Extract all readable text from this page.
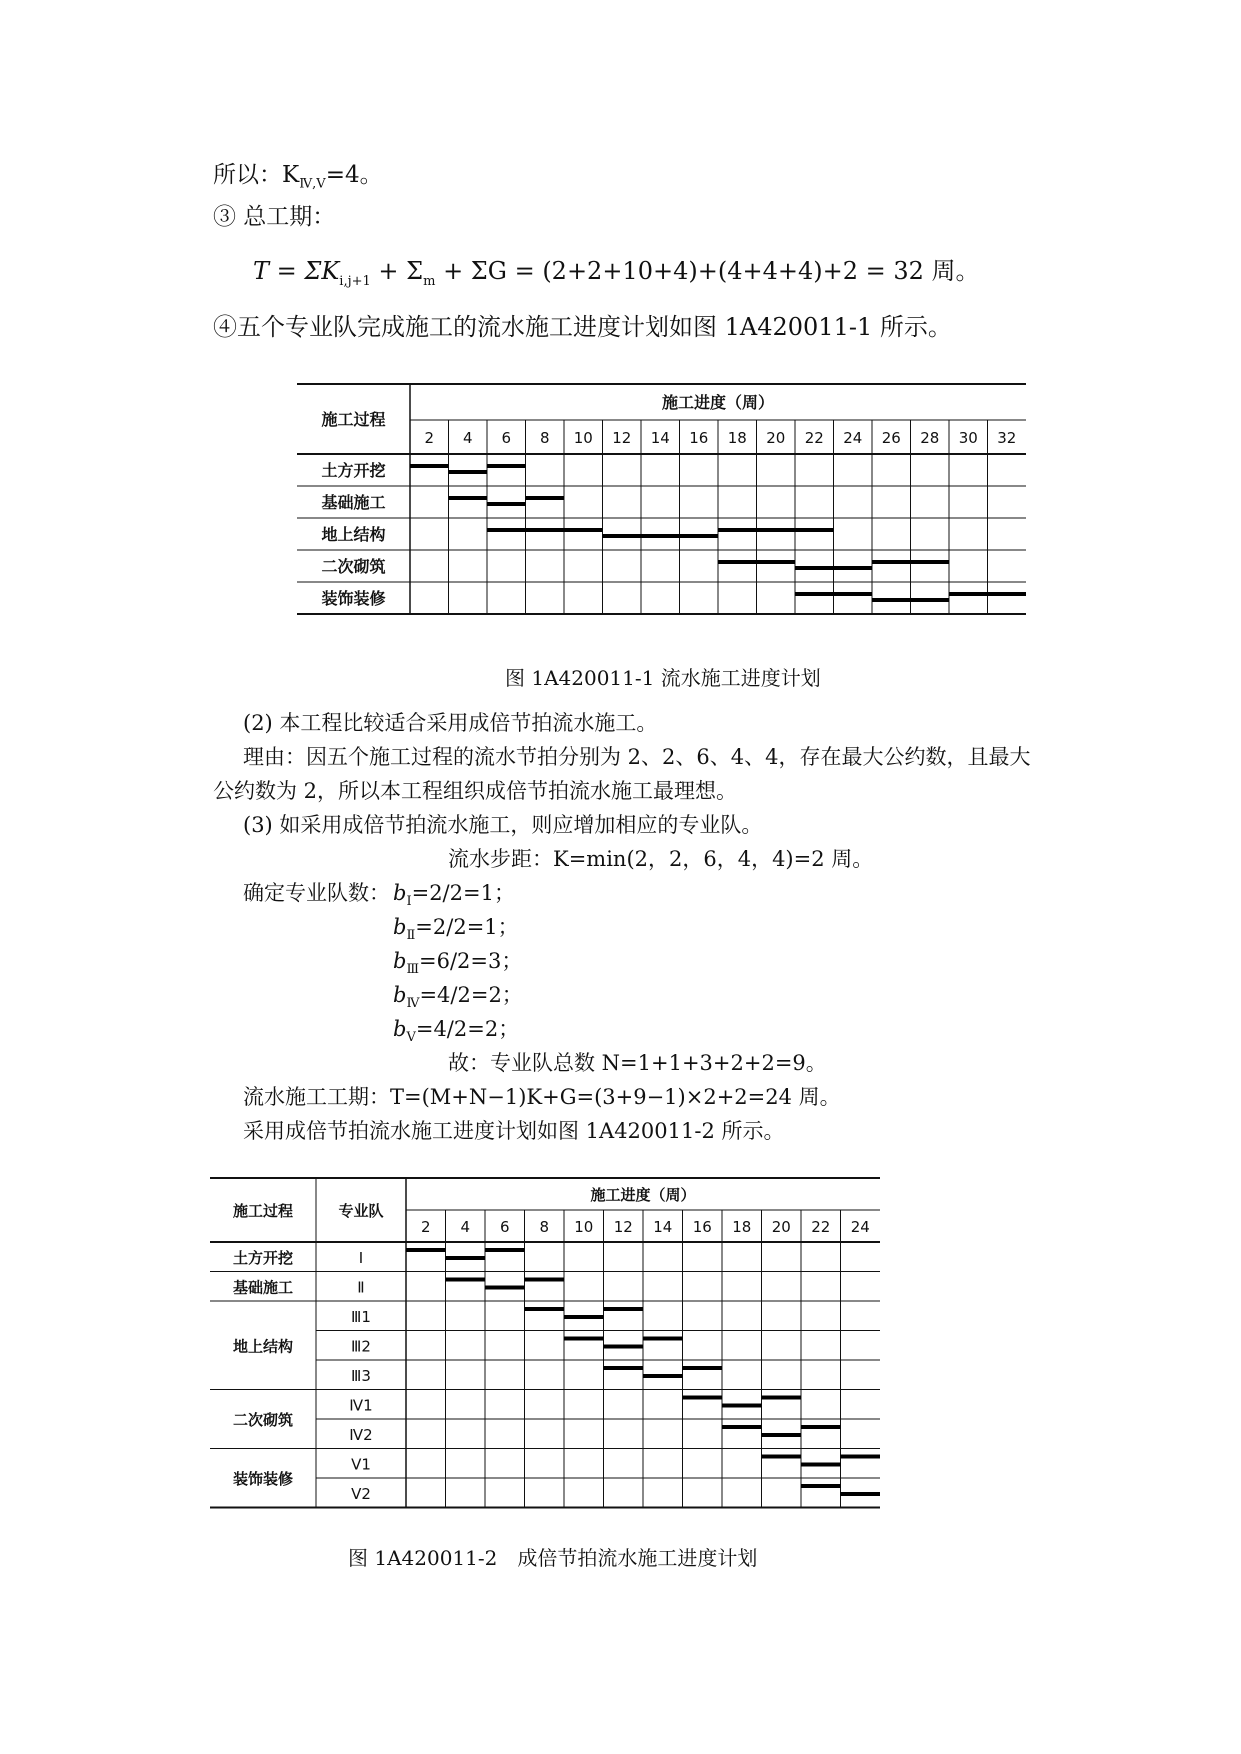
所以：$K_{Ⅳ,Ⅴ}=4$。
③ 总工期：
$T = \Sigma K_{i,j+1} + \Sigma_m + \Sigma G = (2+2+10+4)+(4+4+4)+2 = 32$ 周。
④五个专业队完成施工的流水施工进度计划如图 1A420011-1 所示。
施工过程
施工进度（周）
2 4 6 8 10 12 14 16 18 20 22 24 26 28 30 32
土方开挖
基础施工
地上结构
二次砌筑
装饰装修
图 1A420011-1 流水施工进度计划
(2) 本工程比较适合采用成倍节拍流水施工。
理由：因五个施工过程的流水节拍分别为 2、2、6、4、4，存在最大公约数，且最大
公约数为 2，所以本工程组织成倍节拍流水施工最理想。
(3) 如采用成倍节拍流水施工，则应增加相应的专业队。
流水步距：K=min(2，2，6，4，4)=2 周。
确定专业队数： $b_Ⅰ=2/2=1$；
$b_Ⅱ=2/2=1$；
$b_Ⅲ=6/2=3$；
$b_Ⅳ=4/2=2$；
$b_Ⅴ=4/2=2$；
故：专业队总数 N=1+1+3+2+2=9。
流水施工工期：T=(M+N−1)K+G=(3+9−1)×2+2=24 周。
采用成倍节拍流水施工进度计划如图 1A420011-2 所示。
施工过程	专业队
施工进度（周）
2 4 6 8 10 12 14 16 18 20 22 24
土方开挖
基础施工
地上结构
二次砌筑
装饰装修
Ⅰ
Ⅱ
Ⅲ1
Ⅲ2
Ⅲ3
Ⅳ1
Ⅳ2
Ⅴ1
Ⅴ2
图 1A420011-2　成倍节拍流水施工进度计划
